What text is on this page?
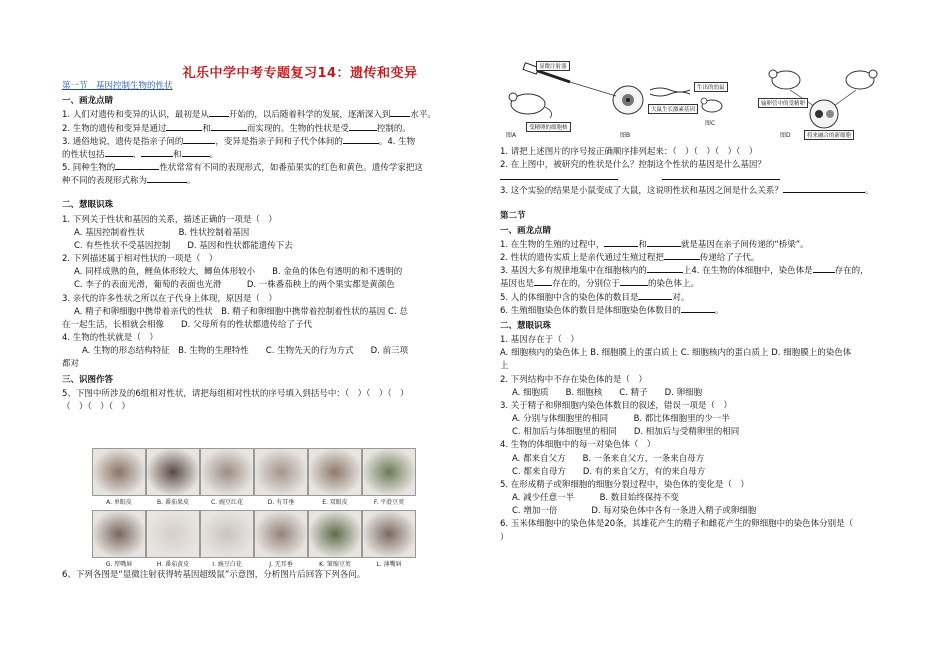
礼乐中学中考专题复习14：遗传和变异
第一节　基因控制生物的性状
一、画龙点睛

1. 人们对遗传和变异的认识，最初是从 开始的，以后随着科学的发展，逐渐深入到 水平。

2. 生物的遗传和变异是通过	和	而实现的。生物的性状是受	控制的。

3. 通俗地说，遗传是指亲子间的	，变异是指亲子间和子代个体间的	。4. 生物

的性状包括	、	和	。

5. 同种生物的	性状常常有不同的表现形式，如番茄果实的红色和黄色。遗传学家把这

种不同的表现形式称为	。

二、慧眼识珠

1. 下列关于性状和基因的关系，描述正确的一项是（　）

A. 基因控制着性状　　　　B. 性状控制着基因

C. 有些性状不受基因控制　　D. 基因和性状都能遗传下去

2. 下列描述属于相对性状的一项是（　）

A. 同样成熟的鱼，鲤鱼体形较大，鲫鱼体形较小　　B. 金鱼的体色有透明的和不透明的

C. 李子的表面光滑，葡萄的表面也光滑　　　D. 一株番茄秧上的两个果实都是黄颜色

3. 亲代的许多性状之所以在子代身上体现，原因是（　）

A. 精子和卵细胞中携带着亲代的性状　B. 精子和卵细胞中携带着控制着性状的基因 C. 总

在一起生活，长相就会相像　　D. 父母所有的性状都遗传给了子代

4. 生物的性状就是（　）

A. 生物的形态结构特征　B. 生物的生理特性　　C. 生物先天的行为方式　　D. 前三项

都对

三、识图作答

5、下图中所涉及的6组相对性状，请把每组相对性状的序号填入到括号中：（　）（　）（　）

（　）（　）（　）

A. 单眼皮	B. 番茄果皮	C. 豌豆红花	D. 有耳垂	E. 双眼皮	F. 平滑豆荚
G. 厚嘴唇	H. 番茄黄皮	I. 豌豆白花	J. 无耳垂	K. 皱缩豆荚	L. 薄嘴唇

6、下列各图是“显微注射获得转基因超级鼠”示意图，分析图片后回答下列各问。

图A	图B
图C
图D
显微注射器
受精卵的细胞核
大鼠生长激素基因
生出的幼鼠
输卵管中的受精卵
将来融合的新细胞

1. 请把上述图片的序号按正确顺序排列起来：（　）（　）（　）（　）

2. 在上图中，被研究的性状是什么？控制这个性状的基因是什么基因？

3. 这个实验的结果是小鼠变成了大鼠，这说明性状和基因之间是什么关系？	。

第二节
一、画龙点睛

1. 在生物的生殖的过程中，	和	就是基因在亲子间传递的“桥梁”。

2. 性状的遗传实质上是亲代通过生殖过程把	传递给了子代。

3. 基因大多有规律地集中在细胞核内的	上4. 在生物的体细胞中，染色体是	存在的，

基因也是 存在的，分别位于	的染色体上。

5. 人的体细胞中含的染色体的数目是	对。

6. 生殖细胞染色体的数目是体细胞染色体数目的	。

二、慧眼识珠

1. 基因存在于（　）

A. 细胞核内的染色体上 B. 细胞膜上的蛋白质上 C. 细胞核内的蛋白质上 D. 细胞膜上的染色体

上

2. 下列结构中不存在染色体的是（　）

A. 细胞质　　B. 细胞核　　C. 精子　　D. 卵细胞

3. 关于精子和卵细胞内染色体数目的叙述，错误一项是（　）

A. 分别与体细胞里的相同　　　B. 都比体细胞里的少一半

C. 相加后与体细胞里的相同　　D. 相加后与受精卵里的相同

4. 生物的体细胞中的每一对染色体（　）

A. 都来自父方　　B. 一条来自父方，一条来自母方

C. 都来自母方　　D. 有的来自父方，有的来自母方

5. 在形成精子或卵细胞的细胞分裂过程中，染色体的变化是（　）

A. 减少任意一半　　　B. 数目始终保持不变

C. 增加一倍　　　　D. 每对染色体中各有一条进入精子或卵细胞

6. 玉米体细胞中的染色体是20条，其雄花产生的精子和雌花产生的卵细胞中的染色体分别是（

）
